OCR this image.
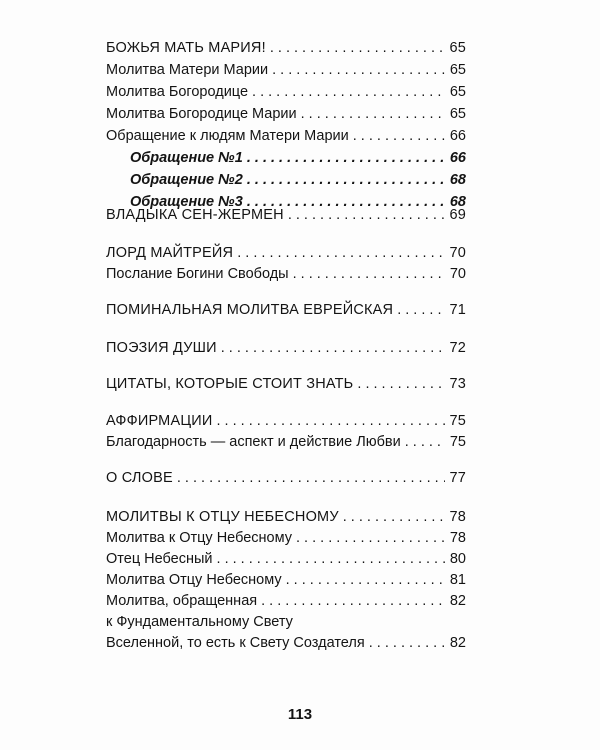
БОЖЬЯ МАТЬ МАРИЯ! . . .	65
Молитва Матери Марии . . .	65
Молитва Богородице . . .	65
Молитва Богородице Марии . . .	65
Обращение к людям Матери Марии . . .	66
Обращение №1 . . .	66
Обращение №2 . . .	68
Обращение №3 . . .	68
ВЛАДЫКА СЕН-ЖЕРМЕН . . .	69
ЛОРД МАЙТРЕЙЯ . . .	70
Послание Богини Свободы . . .	70
ПОМИНАЛЬНАЯ МОЛИТВА ЕВРЕЙСКАЯ . . .	71
ПОЭЗИЯ ДУШИ . . .	72
ЦИТАТЫ, КОТОРЫЕ СТОИТ ЗНАТЬ . . .	73
АФФИРМАЦИИ . . .	75
Благодарность — аспект и действие Любви . . .	75
О СЛОВЕ . . .	77
МОЛИТВЫ К ОТЦУ НЕБЕСНОМУ . . .	78
Молитва к Отцу Небесному . . .	78
Отец Небесный . . .	80
Молитва Отцу Небесному . . .	81
Молитва, обращенная . . .	82
к Фундаментальному Свету
Вселенной, то есть к Свету Создателя . . .	82
113
